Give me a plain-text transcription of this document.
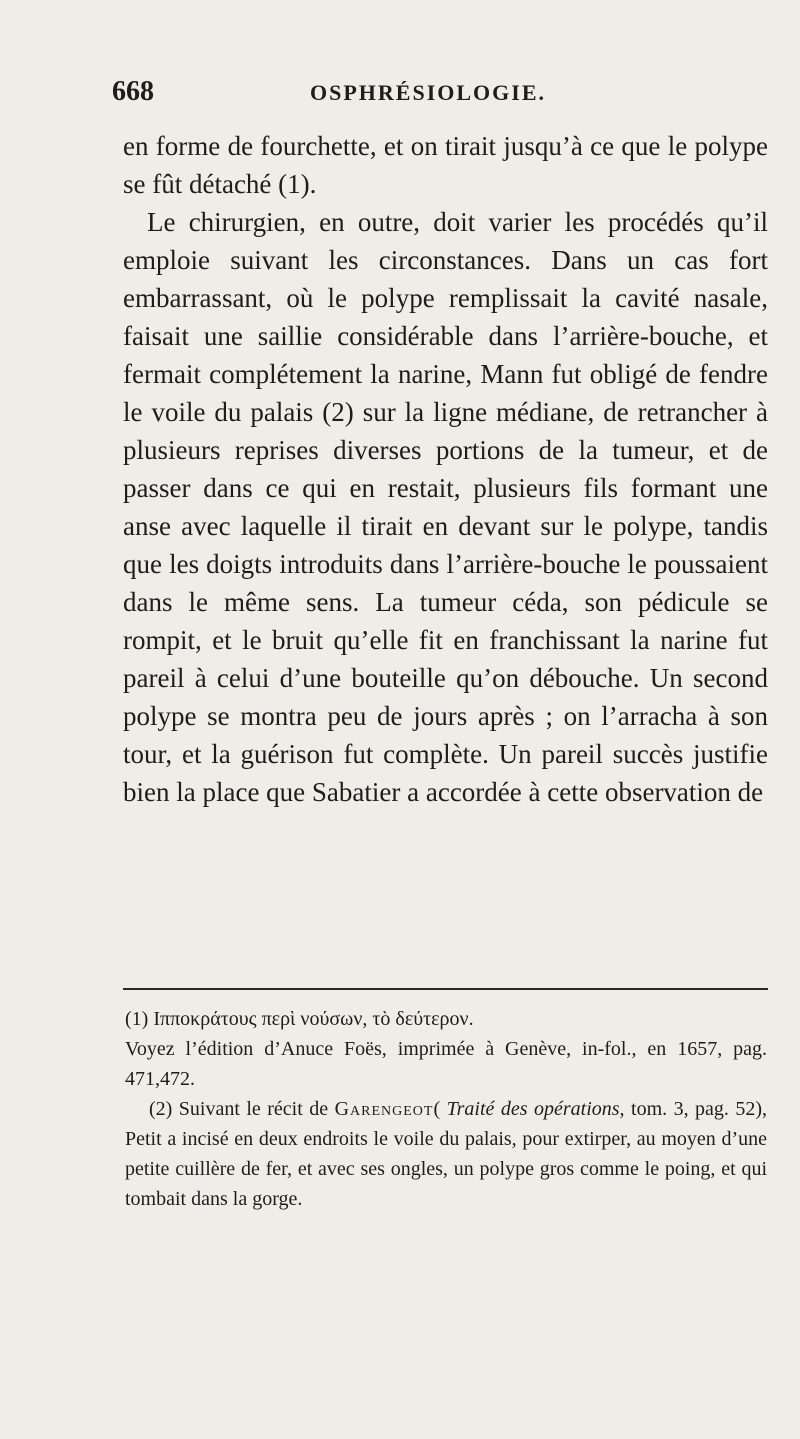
668	OSPHRÉSIOLOGIE.

en forme de fourchette, et on tirait jusqu’à ce que le polype se fût détaché (1).

Le chirurgien, en outre, doit varier les procédés qu’il emploie suivant les circonstances. Dans un cas fort embarrassant, où le polype remplissait la cavité nasale, faisait une saillie considérable dans l’arrière-bouche, et fermait complétement la narine, Mann fut obligé de fendre le voile du palais (2) sur la ligne médiane, de retrancher à plusieurs reprises diverses portions de la tumeur, et de passer dans ce qui en restait, plusieurs fils formant une anse avec laquelle il tirait en devant sur le polype, tandis que les doigts introduits dans l’arrière-bouche le poussaient dans le même sens. La tumeur céda, son pédicule se rompit, et le bruit qu’elle fit en franchissant la narine fut pareil à celui d’une bouteille qu’on débouche. Un second polype se montra peu de jours après ; on l’arracha à son tour, et la guérison fut complète. Un pareil succès justifie bien la place que Sabatier a accordée à cette observation de

(1) Ιπποκράτους περὶ νούσων, τὸ δεύτερον.

Voyez l’édition d’Anuce Foës, imprimée à Genève, in-fol., en 1657, pag. 471,472.

(2) Suivant le récit de Garengeot( Traité des opérations, tom. 3, pag. 52), Petit a incisé en deux endroits le voile du palais, pour extirper, au moyen d’une petite cuillère de fer, et avec ses ongles, un polype gros comme le poing, et qui tombait dans la gorge.
